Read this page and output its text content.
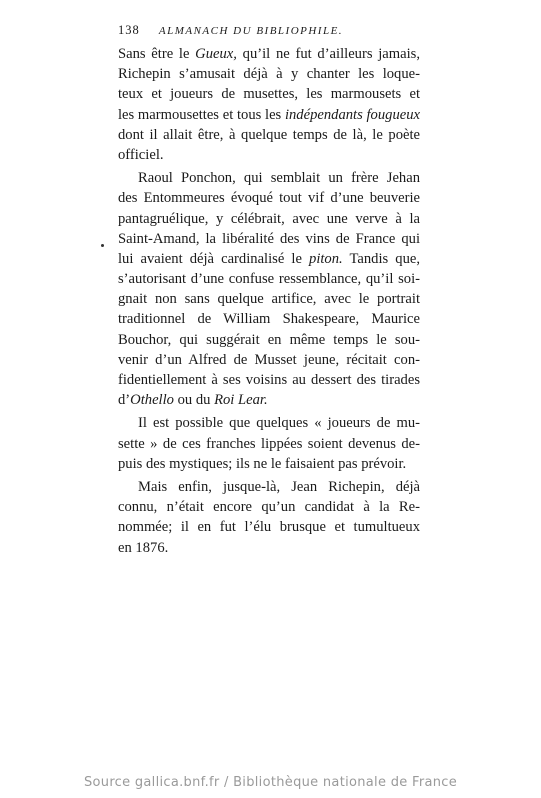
138 ALMANACH DU BIBLIOPHILE.
Sans être le Gueux, qu’il ne fut d’ailleurs jamais,
Richepin s’amusait déjà à y chanter les loque-
teux et joueurs de musettes, les marmousets et
les marmousettes et tous les indépendants fougueux
dont il allait être, à quelque temps de là, le poète
officiel.
Raoul Ponchon, qui semblait un frère Jehan
des Entommeures évoqué tout vif d’une beuverie
pantagruélique, y célébrait, avec une verve à la
Saint-Amand, la libéralité des vins de France qui
lui avaient déjà cardinalisé le piton. Tandis que,
s’autorisant d’une confuse ressemblance, qu’il soi-
gnait non sans quelque artifice, avec le portrait
traditionnel de William Shakespeare, Maurice
Bouchor, qui suggérait en même temps le sou-
venir d’un Alfred de Musset jeune, récitait con-
fidentiellement à ses voisins au dessert des tirades
d’Othello ou du Roi Lear.
Il est possible que quelques « joueurs de mu-
sette » de ces franches lippées soient devenus de-
puis des mystiques; ils ne le faisaient pas prévoir.
Mais enfin, jusque-là, Jean Richepin, déjà
connu, n’était encore qu’un candidat à la Re-
nommée; il en fut l’élu brusque et tumultueux
en 1876.
Source gallica.bnf.fr / Bibliothèque nationale de France
